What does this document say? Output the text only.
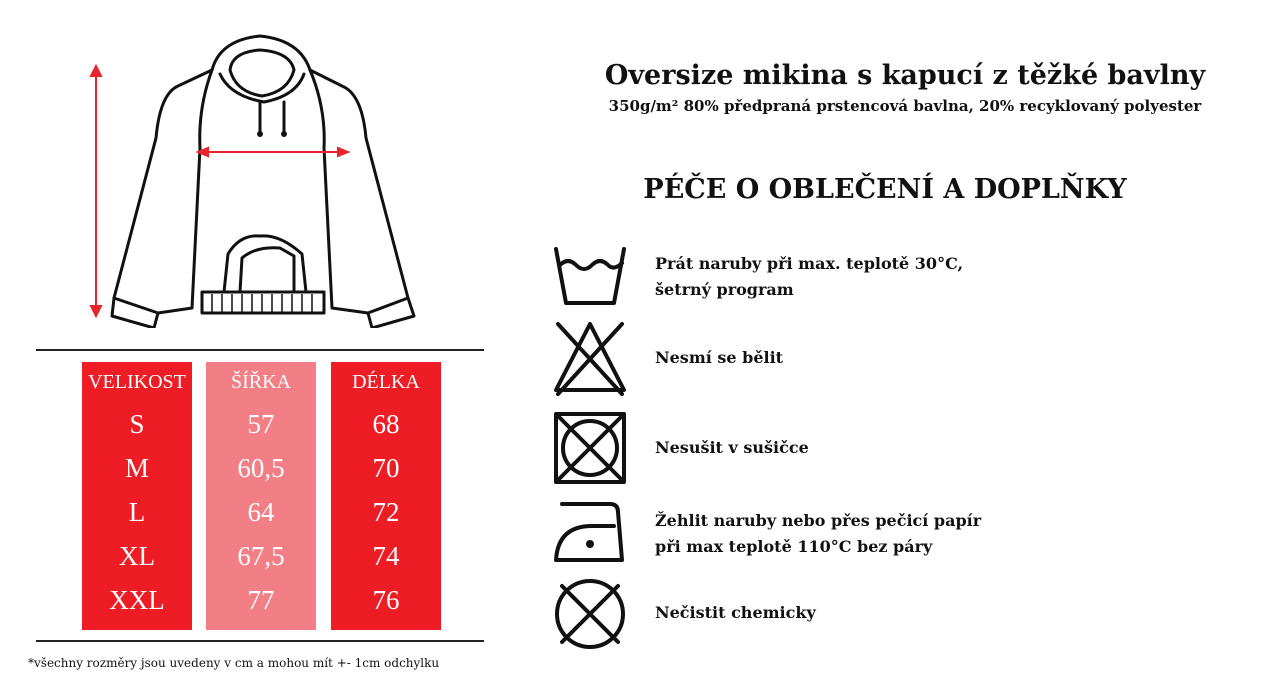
VELIKOST
S
M
L
XL
XXL
ŠÍŘKA
57
60,5
64
67,5
77
DÉLKA
68
70
72
74
76
*všechny rozměry jsou uvedeny v cm a mohou mít +- 1cm odchylku
Oversize mikina s kapucí z těžké bavlny
350g/m² 80% předpraná prstencová bavlna, 20% recyklovaný polyester
PÉČE O OBLEČENÍ A DOPLŇKY
Prát naruby při max. teplotě 30°C,
šetrný program
Nesmí se bělit
Nesušit v sušičce
Žehlit naruby nebo přes pečicí papír
při max teplotě 110°C bez páry
Nečistit chemicky
